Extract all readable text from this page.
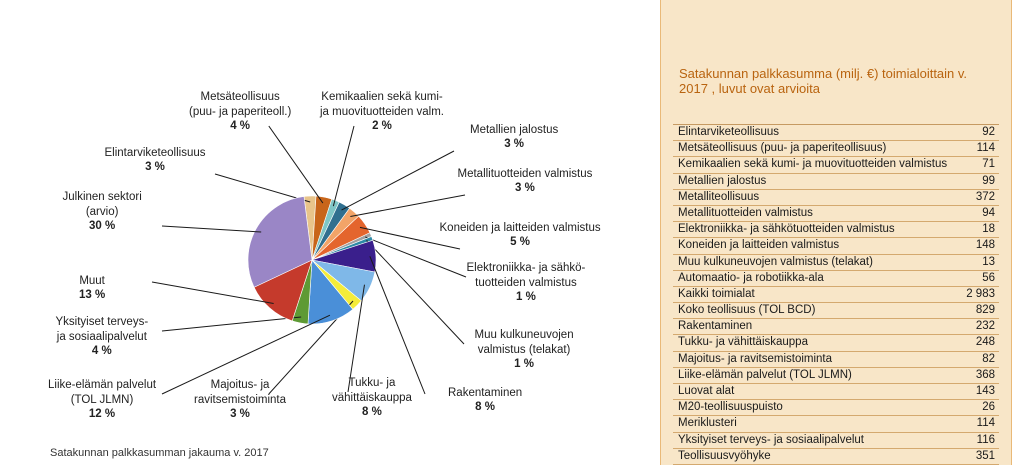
Elintarviketeollisuus
3 %
Metsäteollisuus
(puu- ja paperiteoll.)
4 %
Kemikaalien sekä kumi-
ja muovituotteiden valm.
2 %	Metallien jalostus
3 %
Metallituotteiden valmistus
3 %
Koneiden ja laitteiden valmistus
5 %
Elektroniikka- ja sähkö-
tuotteiden valmistus
1 %
Muu kulkuneuvojen
valmistus (telakat)
1 %
Rakentaminen
8 %
Tukku- ja
vähittäiskauppa
8 %
Majoitus- ja
ravitsemistoiminta
3 %
Liike-elämän palvelut
(TOL JLMN)
12 %
Yksityiset terveys-
ja sosiaalipalvelut
4 %
Muut
13 %
Julkinen sektori
(arvio)
30 %
Satakunnan palkkasumman jakauma v. 2017
Satakunnan palkkasumma (milj. €) toimialoittain v. 2017 , luvut ovat arvioita
Elintarviketeollisuus	92
Metsäteollisuus (puu- ja paperiteollisuus)	114
Kemikaalien sekä kumi- ja muovituotteiden valmistus	71
Metallien jalostus	99
Metalliteollisuus	372
Metallituotteiden valmistus	94
Elektroniikka- ja sähkötuotteiden valmistus	18
Koneiden ja laitteiden valmistus	148
Muu kulkuneuvojen valmistus (telakat)	13
Automaatio- ja robotiikka-ala	56
Kaikki toimialat	2 983
Koko teollisuus (TOL BCD)	829
Rakentaminen	232
Tukku- ja vähittäiskauppa	248
Majoitus- ja ravitsemistoiminta	82
Liike-elämän palvelut (TOL JLMN)	368
Luovat alat	143
M20-teollisuuspuisto	26
Meriklusteri	114
Yksityiset terveys- ja sosiaalipalvelut	116
Teollisuusvyöhyke	351
